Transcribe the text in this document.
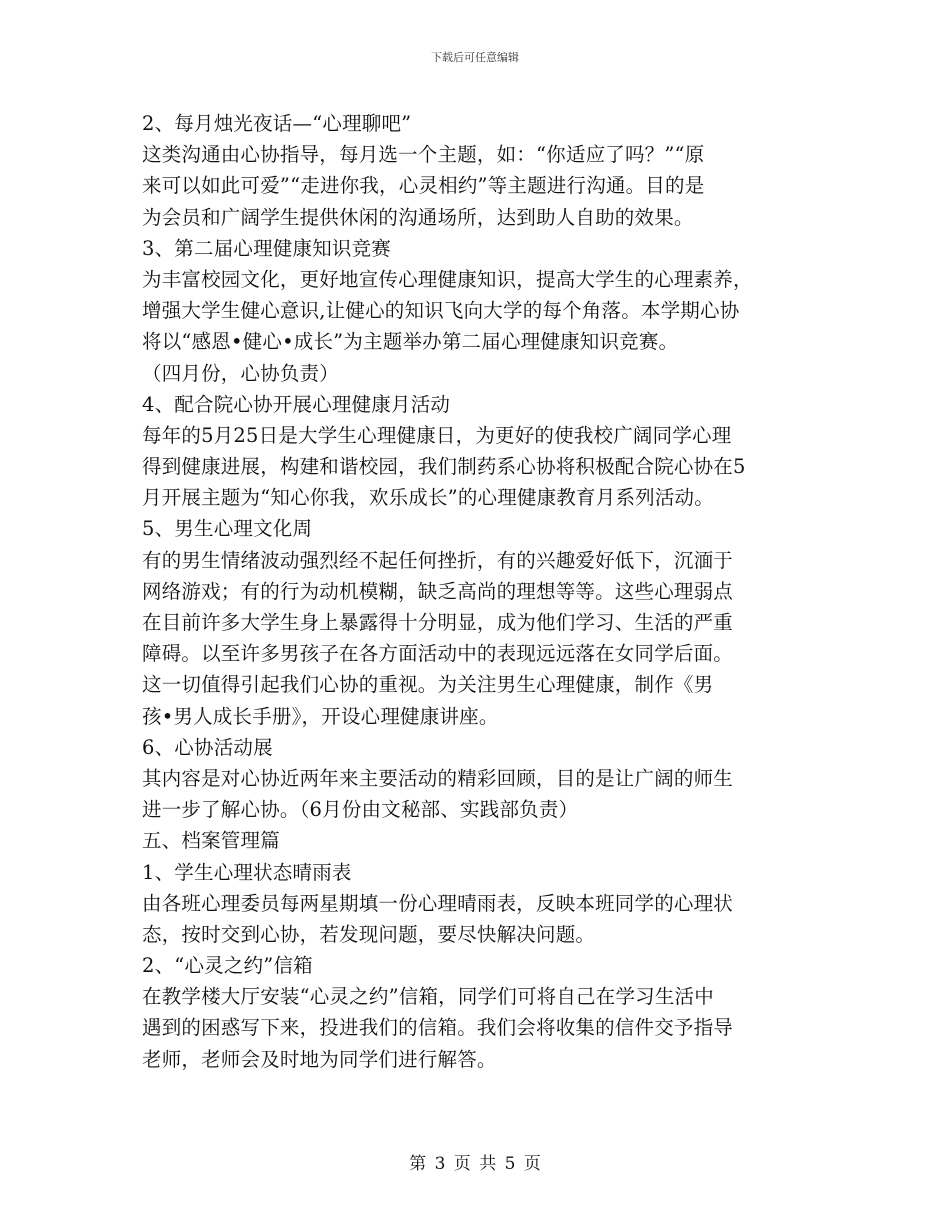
下载后可任意编辑
2、每月烛光夜话—“心理聊吧”
这类沟通由心协指导，每月选一个主题，如：“你适应了吗？”“原
来可以如此可爱”“走进你我，心灵相约”等主题进行沟通。目的是
为会员和广阔学生提供休闲的沟通场所，达到助人自助的效果。
3、第二届心理健康知识竞赛
为丰富校园文化，更好地宣传心理健康知识，提高大学生的心理素养，
增强大学生健心意识,让健心的知识飞向大学的每个角落。本学期心协
将以“感恩•健心•成长”为主题举办第二届心理健康知识竞赛。
（四月份，心协负责）
4、配合院心协开展心理健康月活动
每年的5月25日是大学生心理健康日，为更好的使我校广阔同学心理
得到健康进展，构建和谐校园，我们制药系心协将积极配合院心协在5
月开展主题为“知心你我，欢乐成长”的心理健康教育月系列活动。
5、男生心理文化周
有的男生情绪波动强烈经不起任何挫折，有的兴趣爱好低下，沉湎于
网络游戏；有的行为动机模糊，缺乏高尚的理想等等。这些心理弱点
在目前许多大学生身上暴露得十分明显，成为他们学习、生活的严重
障碍。以至许多男孩子在各方面活动中的表现远远落在女同学后面。
这一切值得引起我们心协的重视。为关注男生心理健康，制作《男
孩•男人成长手册》，开设心理健康讲座。
6、心协活动展
其内容是对心协近两年来主要活动的精彩回顾，目的是让广阔的师生
进一步了解心协。（6月份由文秘部、实践部负责）
五、档案管理篇
1、学生心理状态晴雨表
由各班心理委员每两星期填一份心理晴雨表，反映本班同学的心理状
态，按时交到心协，若发现问题，要尽快解决问题。
2、“心灵之约”信箱
在教学楼大厅安装“心灵之约”信箱，同学们可将自己在学习生活中
遇到的困惑写下来，投进我们的信箱。我们会将收集的信件交予指导
老师，老师会及时地为同学们进行解答。
第 3 页 共 5 页
